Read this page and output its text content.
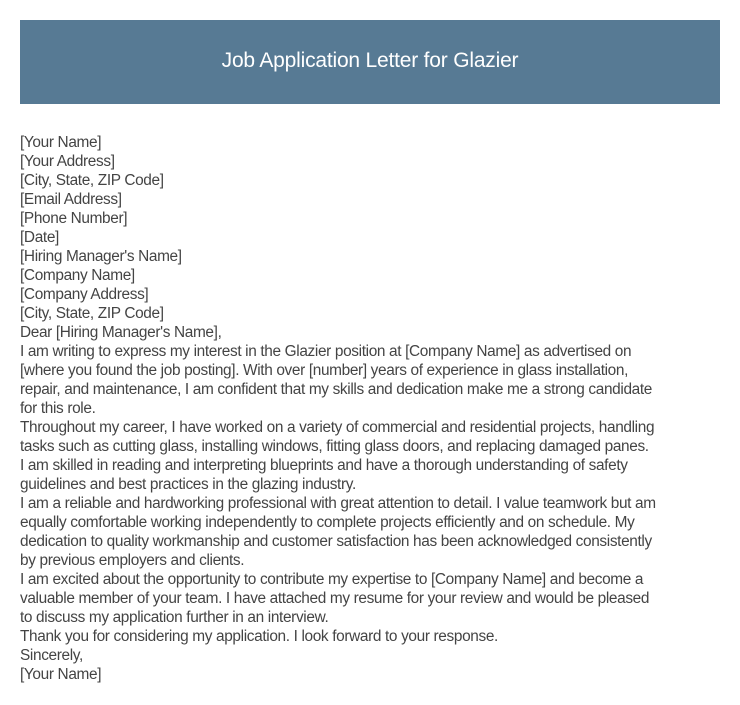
Job Application Letter for Glazier
[Your Name]
[Your Address]
[City, State, ZIP Code]
[Email Address]
[Phone Number]
[Date]
[Hiring Manager's Name]
[Company Name]
[Company Address]
[City, State, ZIP Code]
Dear [Hiring Manager's Name],
I am writing to express my interest in the Glazier position at [Company Name] as advertised on
[where you found the job posting]. With over [number] years of experience in glass installation,
repair, and maintenance, I am confident that my skills and dedication make me a strong candidate
for this role.
Throughout my career, I have worked on a variety of commercial and residential projects, handling
tasks such as cutting glass, installing windows, fitting glass doors, and replacing damaged panes.
I am skilled in reading and interpreting blueprints and have a thorough understanding of safety
guidelines and best practices in the glazing industry.
I am a reliable and hardworking professional with great attention to detail. I value teamwork but am
equally comfortable working independently to complete projects efficiently and on schedule. My
dedication to quality workmanship and customer satisfaction has been acknowledged consistently
by previous employers and clients.
I am excited about the opportunity to contribute my expertise to [Company Name] and become a
valuable member of your team. I have attached my resume for your review and would be pleased
to discuss my application further in an interview.
Thank you for considering my application. I look forward to your response.
Sincerely,
[Your Name]
